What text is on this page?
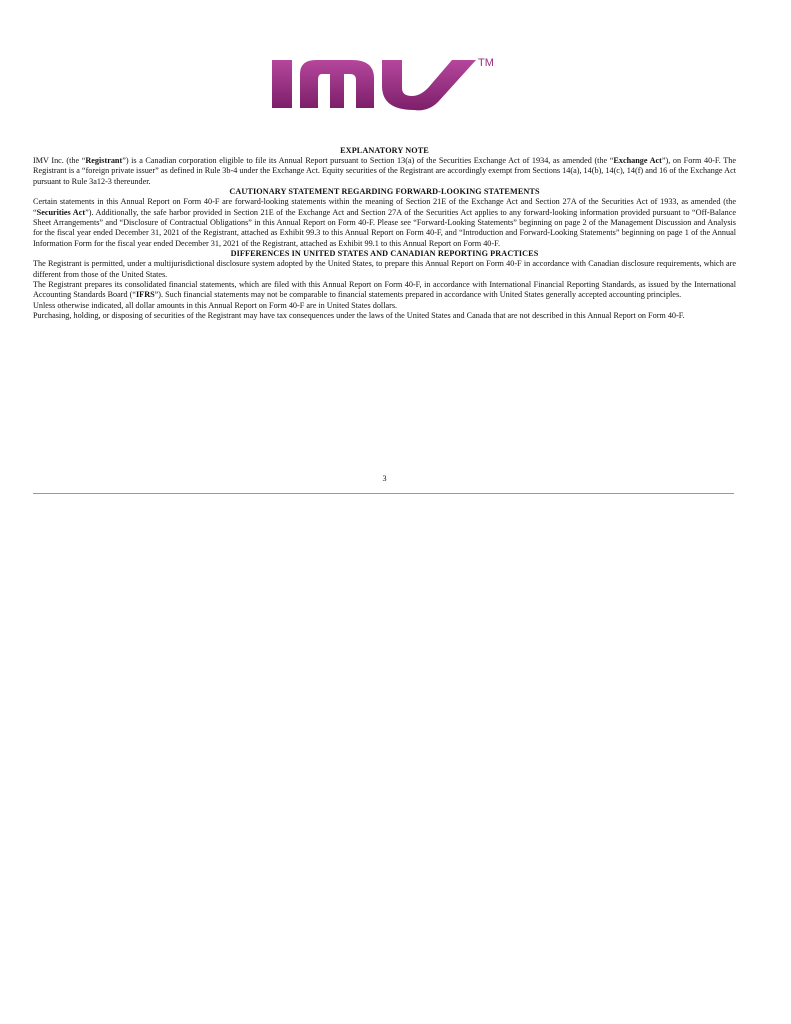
TM
EXPLANATORY NOTE

IMV Inc. (the “Registrant”) is a Canadian corporation eligible to file its Annual Report pursuant to Section 13(a) of the Securities Exchange Act of 1934, as amended (the “Exchange Act”), on Form 40-F. The Registrant is a “foreign private issuer” as defined in Rule 3b-4 under the Exchange Act. Equity securities of the Registrant are accordingly exempt from Sections 14(a), 14(b), 14(c), 14(f) and 16 of the Exchange Act pursuant to Rule 3a12-3 thereunder.

CAUTIONARY STATEMENT REGARDING FORWARD-LOOKING STATEMENTS

Certain statements in this Annual Report on Form 40-F are forward-looking statements within the meaning of Section 21E of the Exchange Act and Section 27A of the Securities Act of 1933, as amended (the “Securities Act”). Additionally, the safe harbor provided in Section 21E of the Exchange Act and Section 27A of the Securities Act applies to any forward-looking information provided pursuant to “Off-Balance Sheet Arrangements” and “Disclosure of Contractual Obligations” in this Annual Report on Form 40-F. Please see “Forward-Looking Statements” beginning on page 2 of the Management Discussion and Analysis for the fiscal year ended December 31, 2021 of the Registrant, attached as Exhibit 99.3 to this Annual Report on Form 40-F, and “Introduction and Forward-Looking Statements” beginning on page 1 of the Annual Information Form for the fiscal year ended December 31, 2021 of the Registrant, attached as Exhibit 99.1 to this Annual Report on Form 40-F.

DIFFERENCES IN UNITED STATES AND CANADIAN REPORTING PRACTICES

The Registrant is permitted, under a multijurisdictional disclosure system adopted by the United States, to prepare this Annual Report on Form 40-F in accordance with Canadian disclosure requirements, which are different from those of the United States.

The Registrant prepares its consolidated financial statements, which are filed with this Annual Report on Form 40-F, in accordance with International Financial Reporting Standards, as issued by the International Accounting Standards Board (“IFRS”). Such financial statements may not be comparable to financial statements prepared in accordance with United States generally accepted accounting principles.

Unless otherwise indicated, all dollar amounts in this Annual Report on Form 40-F are in United States dollars.

Purchasing, holding, or disposing of securities of the Registrant may have tax consequences under the laws of the United States and Canada that are not described in this Annual Report on Form 40-F.

3
